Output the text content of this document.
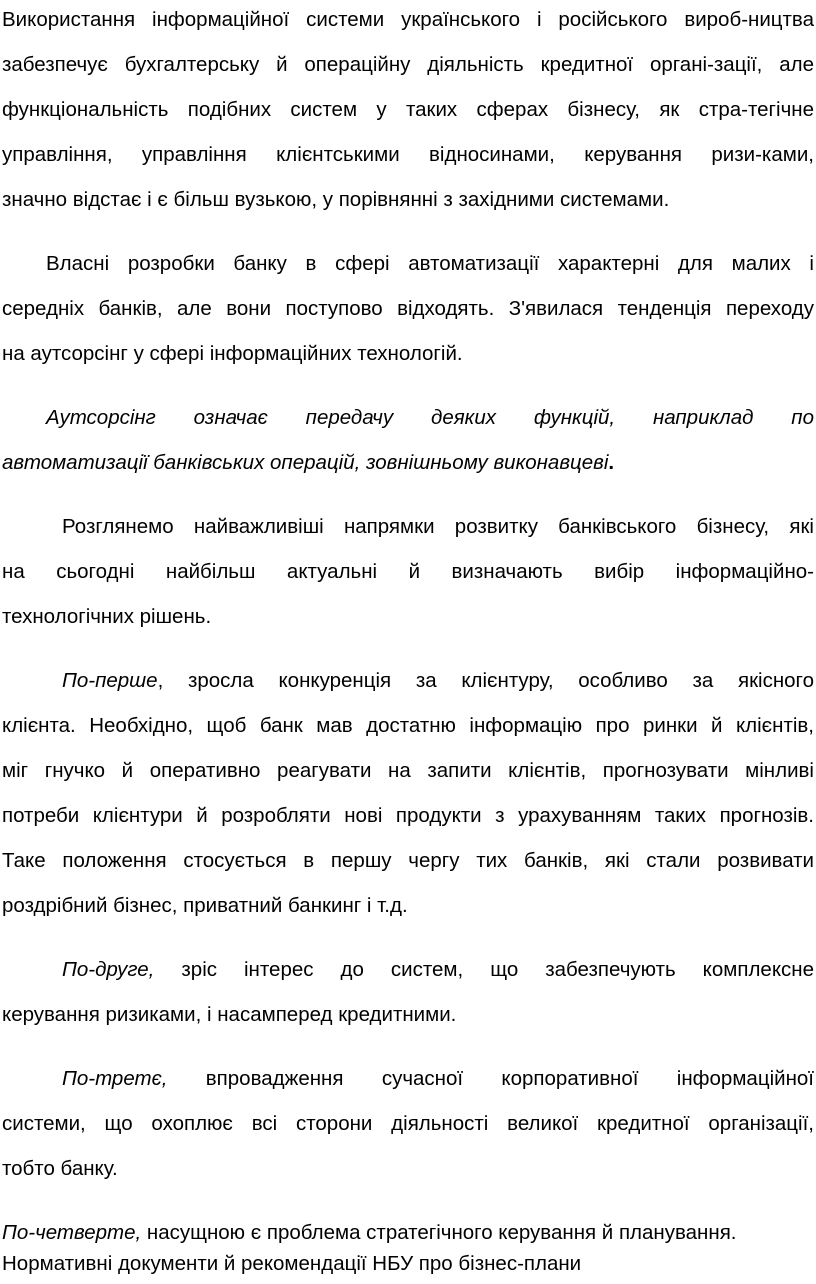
Використання інформаційної системи українського і російського вироб-ництва
забезпечує бухгалтерську й операційну діяльність кредитної органі-зації, але
функціональність подібних систем у таких сферах бізнесу, як стра-тегічне
управління, управління клієнтськими відносинами, керування ризи-ками,
значно відстає і є більш вузькою, у порівнянні з західними системами.
Власні розробки банку в сфері автоматизації характерні для малих і
середніх банків, але вони поступово відходять. З'явилася тенденція переходу
на аутсорсінг у сфері інформаційних технологій.
Аутсорсінг означає передачу деяких функцій, наприклад по
автоматизації банківських операцій, зовнішньому виконавцеві.
Розглянемо найважливіші напрямки розвитку банківського бізнесу, які
на сьогодні найбільш актуальні й визначають вибір інформаційно-
технологічних рішень.
По-перше, зросла конкуренція за клієнтуру, особливо за якісного
клієнта. Необхідно, щоб банк мав достатню інформацію про ринки й клієнтів,
міг гнучко й оперативно реагувати на запити клієнтів, прогнозувати мінливі
потреби клієнтури й розробляти нові продукти з урахуванням таких прогнозів.
Таке положення стосується в першу чергу тих банків, які стали розвивати
роздрібний бізнес, приватний банкинг і т.д.
По-друге, зріс інтерес до систем, що забезпечують комплексне
керування ризиками, і насамперед кредитними.
По-третє, впровадження сучасної корпоративної інформаційної
системи, що охоплює всі сторони діяльності великої кредитної організації,
тобто банку.
По-четверте, насущною є проблема стратегічного керування й планування.
Нормативні документи й рекомендації НБУ про бізнес-плани
